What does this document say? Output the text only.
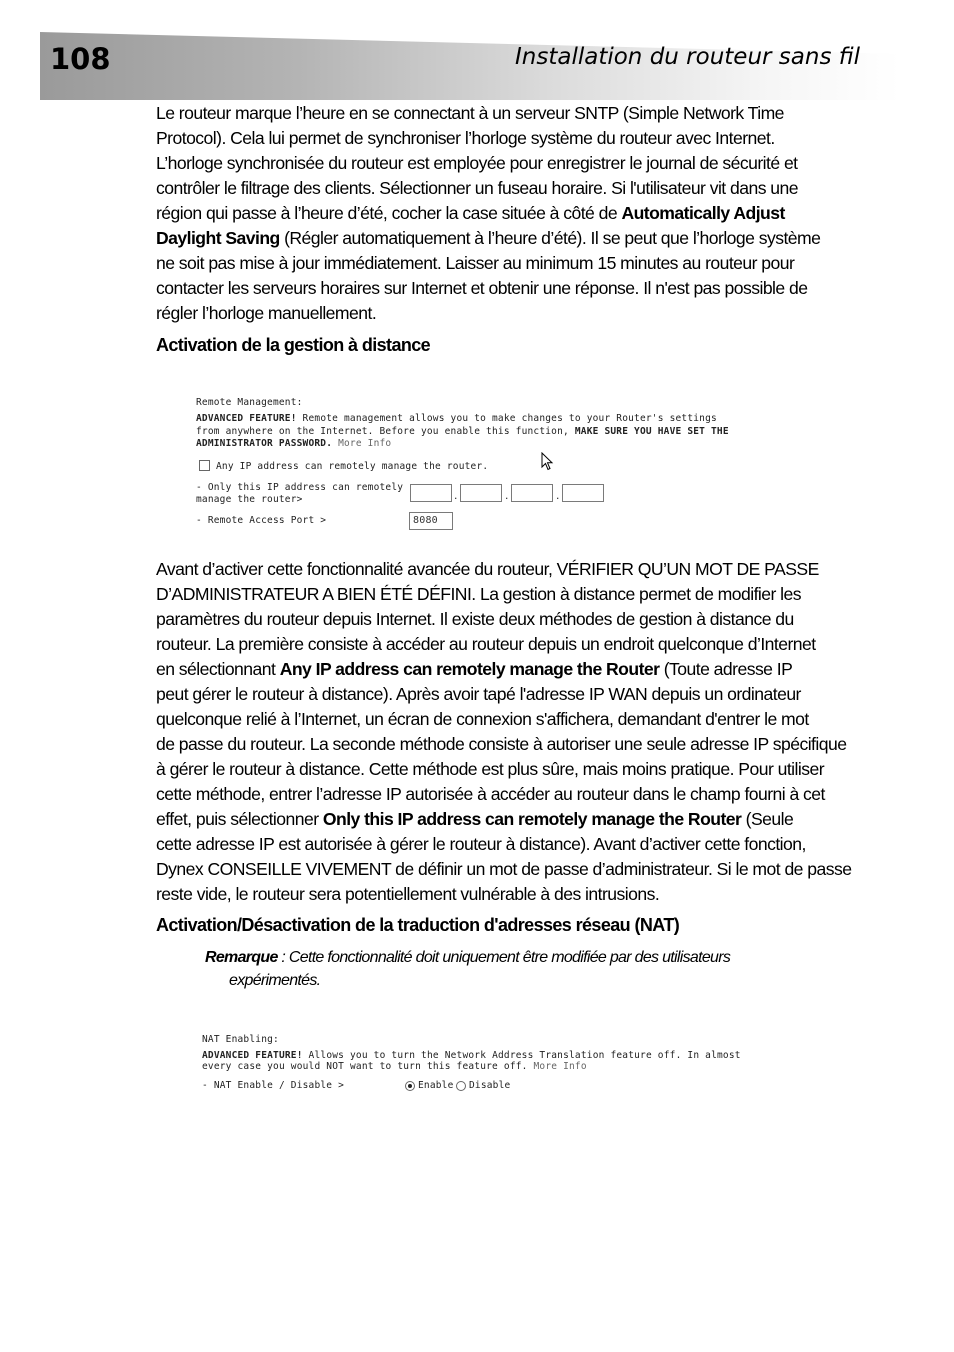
108	Installation du routeur sans fil
Le routeur marque l’heure en se connectant à un serveur SNTP (Simple Network Time
Protocol). Cela lui permet de synchroniser l’horloge système du routeur avec Internet.
L’horloge synchronisée du routeur est employée pour enregistrer le journal de sécurité et
contrôler le filtrage des clients. Sélectionner un fuseau horaire. Si l'utilisateur vit dans une
région qui passe à l’heure d’été, cocher la case située à côté de Automatically Adjust
Daylight Saving (Régler automatiquement à l’heure d’été). Il se peut que l’horloge système
ne soit pas mise à jour immédiatement. Laisser au minimum 15 minutes au routeur pour
contacter les serveurs horaires sur Internet et obtenir une réponse. Il n'est pas possible de
régler l’horloge manuellement.
Activation de la gestion à distance
Remote Management:
ADVANCED FEATURE! Remote management allows you to make changes to your Router's settings
from anywhere on the Internet. Before you enable this function, MAKE SURE YOU HAVE SET THE
ADMINISTRATOR PASSWORD. More Info
Any IP address can remotely manage the router.
- Only this IP address can remotely
manage the router>	.	.	.
- Remote Access Port >	8080
Avant d’activer cette fonctionnalité avancée du routeur, VÉRIFIER QU’UN MOT DE PASSE
D’ADMINISTRATEUR A BIEN ÉTÉ DÉFINI. La gestion à distance permet de modifier les
paramètres du routeur depuis Internet. Il existe deux méthodes de gestion à distance du
routeur. La première consiste à accéder au routeur depuis un endroit quelconque d’Internet
en sélectionnant Any IP address can remotely manage the Router (Toute adresse IP
peut gérer le routeur à distance). Après avoir tapé l'adresse IP WAN depuis un ordinateur
quelconque relié à l’Internet, un écran de connexion s'affichera, demandant d'entrer le mot
de passe du routeur. La seconde méthode consiste à autoriser une seule adresse IP spécifique
à gérer le routeur à distance. Cette méthode est plus sûre, mais moins pratique. Pour utiliser
cette méthode, entrer l’adresse IP autorisée à accéder au routeur dans le champ fourni à cet
effet, puis sélectionner Only this IP address can remotely manage the Router (Seule
cette adresse IP est autorisée à gérer le routeur à distance). Avant d’activer cette fonction,
Dynex CONSEILLE VIVEMENT de définir un mot de passe d’administrateur. Si le mot de passe
reste vide, le routeur sera potentiellement vulnérable à des intrusions.
Activation/Désactivation de la traduction d'adresses réseau (NAT)
Remarque : Cette fonctionnalité doit uniquement être modifiée par des utilisateurs
expérimentés.
NAT Enabling:
ADVANCED FEATURE! Allows you to turn the Network Address Translation feature off. In almost
every case you would NOT want to turn this feature off. More Info
- NAT Enable / Disable >	Enable Disable
